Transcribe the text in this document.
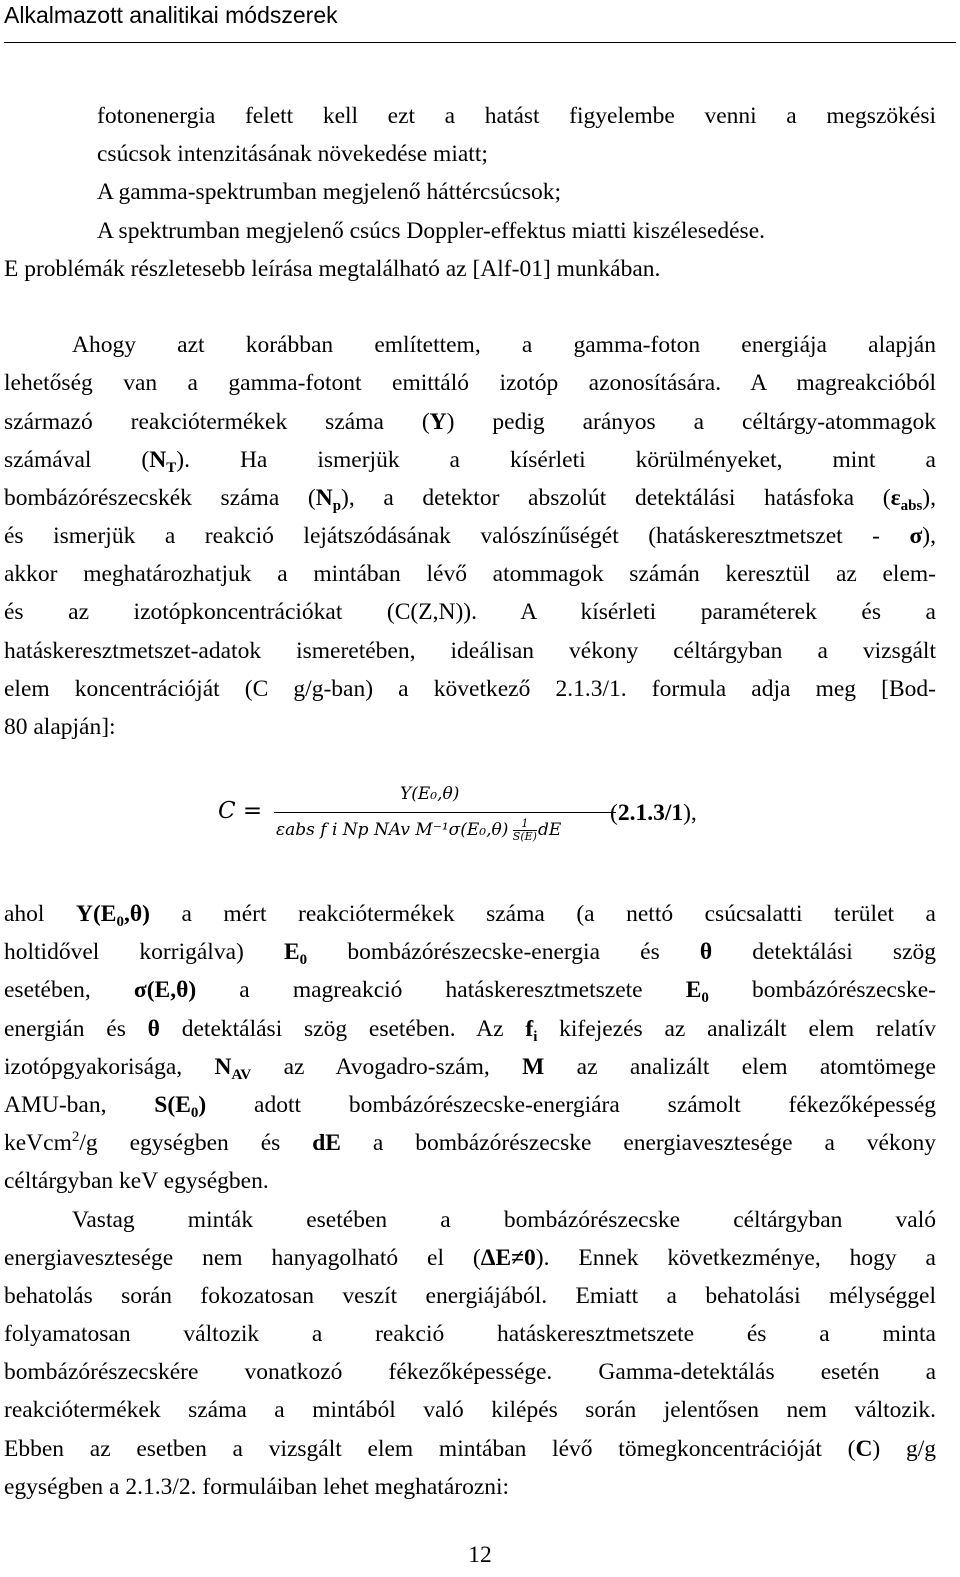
Alkalmazott analitikai módszerek
fotonenergia felett kell ezt a hatást figyelembe venni a megszökési
csúcsok intenzitásának növekedése miatt;
A gamma-spektrumban megjelenő háttércsúcsok;
A spektrumban megjelenő csúcs Doppler-effektus miatti kiszélesedése.
E problémák részletesebb leírása megtalálható az [Alf-01] munkában.
Ahogy azt korábban említettem, a gamma-foton energiája alapján
lehetőség van a gamma-fotont emittáló izotóp azonosítására. A magreakcióból
származó reakciótermékek száma (Y) pedig arányos a céltárgy-atommagok
számával $(N_T)$. Ha ismerjük a kísérleti körülményeket, mint a
bombázórészecskék száma $(N_p)$, a detektor abszolút detektálási hatásfoka $(\varepsilon_{abs})$,
és ismerjük a reakció lejátszódásának valószínűségét (hatáskeresztmetszet - σ),
akkor meghatározhatjuk a mintában lévő atommagok számán keresztül az elem-
és az izotópkoncentrációkat (C(Z,N)). A kísérleti paraméterek és a
hatáskeresztmetszet-adatok ismeretében, ideálisan vékony céltárgyban a vizsgált
elem koncentrációját (C g/g-ban) a következő 2.1.3/1. formula adja meg [Bod-
80 alapján]:
C =
Y(E₀,θ)
εabs f i Np NAv $M^{-1}\sigma(E_0,\theta) \frac{1}{S(E)}$ dE
(2.1.3/1),
ahol $Y(E_0,\theta)$ a mért reakciótermékek száma (a nettó csúcsalatti terület a
holtidővel korrigálva) $E_0$ bombázórészecske-energia és θ detektálási szög
esetében, σ(E,θ) a magreakció hatáskeresztmetszete $E_0$ bombázórészecske-
energián és θ detektálási szög esetében. Az $f_i$ kifejezés az analizált elem relatív
izotópgyakorisága, $N_{AV}$ az Avogadro-szám, M az analizált elem atomtömege
AMU-ban, $S(E_0)$ adott bombázórészecske-energiára számolt fékezőképesség
keVcm$^2$/g egységben és dE a bombázórészecske energiavesztesége a vékony
céltárgyban keV egységben.
Vastag minták esetében a bombázórészecske céltárgyban való
energiavesztesége nem hanyagolható el (ΔE≠0). Ennek következménye, hogy a
behatolás során fokozatosan veszít energiájából. Emiatt a behatolási mélységgel
folyamatosan változik a reakció hatáskeresztmetszete és a minta
bombázórészecskére vonatkozó fékezőképessége. Gamma-detektálás esetén a
reakciótermékek száma a mintából való kilépés során jelentősen nem változik.
Ebben az esetben a vizsgált elem mintában lévő tömegkoncentrációját (C) g/g
egységben a 2.1.3/2. formuláiban lehet meghatározni:
12
